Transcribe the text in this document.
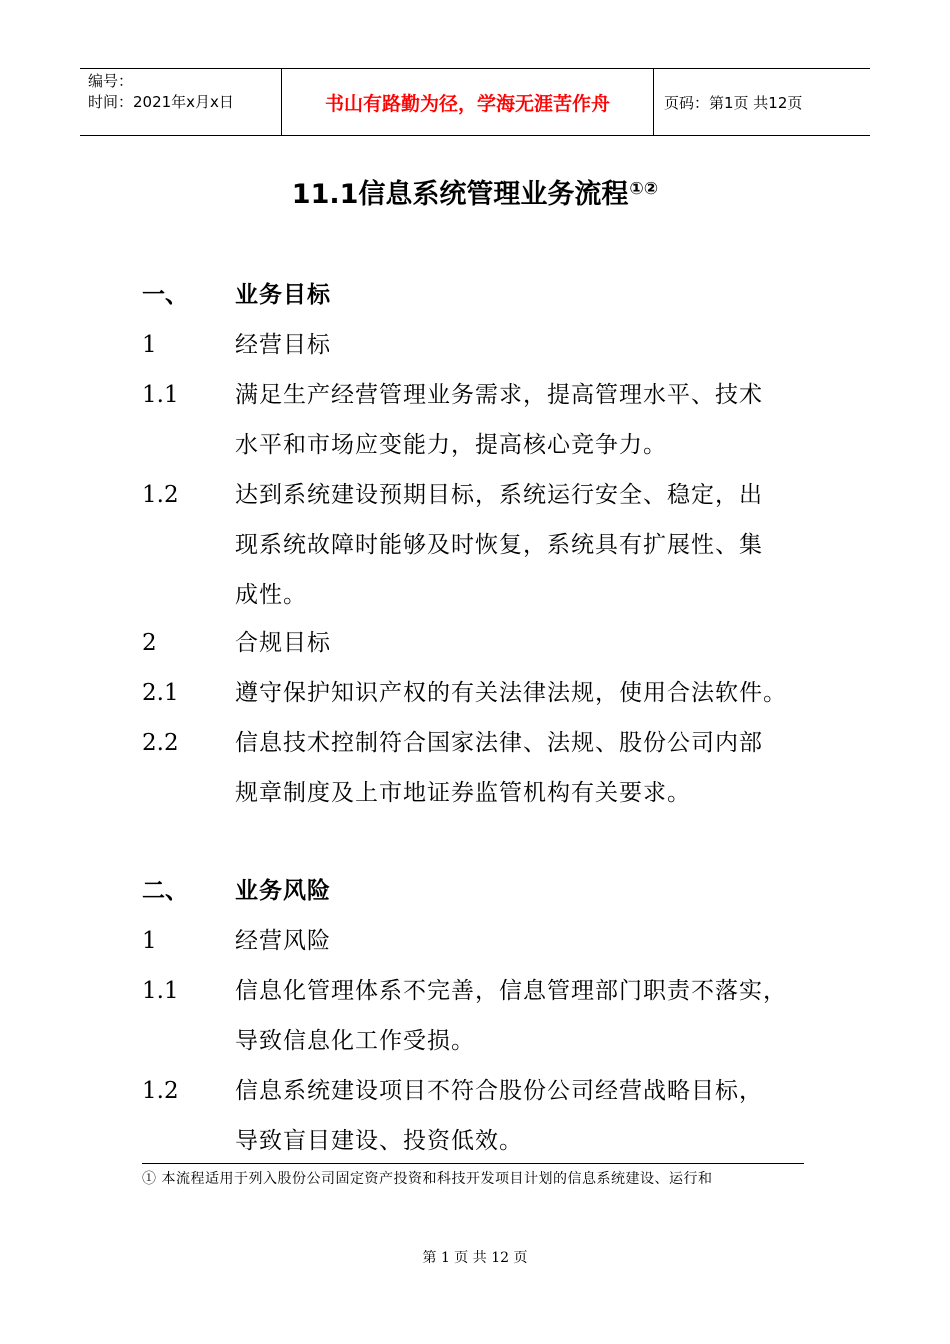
编号：
时间：2021年x月x日	书山有路勤为径，学海无涯苦作舟	页码：第1页 共12页
11.1信息系统管理业务流程①②
一、 业务目标
1	经营目标
1.1 满足生产经营管理业务需求，提高管理水平、技术
水平和市场应变能力，提高核心竞争力。
1.2 达到系统建设预期目标，系统运行安全、稳定，出
现系统故障时能够及时恢复，系统具有扩展性、集
成性。
2	合规目标
2.1 遵守保护知识产权的有关法律法规，使用合法软件。
2.2 信息技术控制符合国家法律、法规、股份公司内部
规章制度及上市地证券监管机构有关要求。
二、 业务风险
1	经营风险
1.1 信息化管理体系不完善，信息管理部门职责不落实，
导致信息化工作受损。
1.2 信息系统建设项目不符合股份公司经营战略目标，
导致盲目建设、投资低效。
① 本流程适用于列入股份公司固定资产投资和科技开发项目计划的信息系统建设、运行和
第 1 页 共 12 页
